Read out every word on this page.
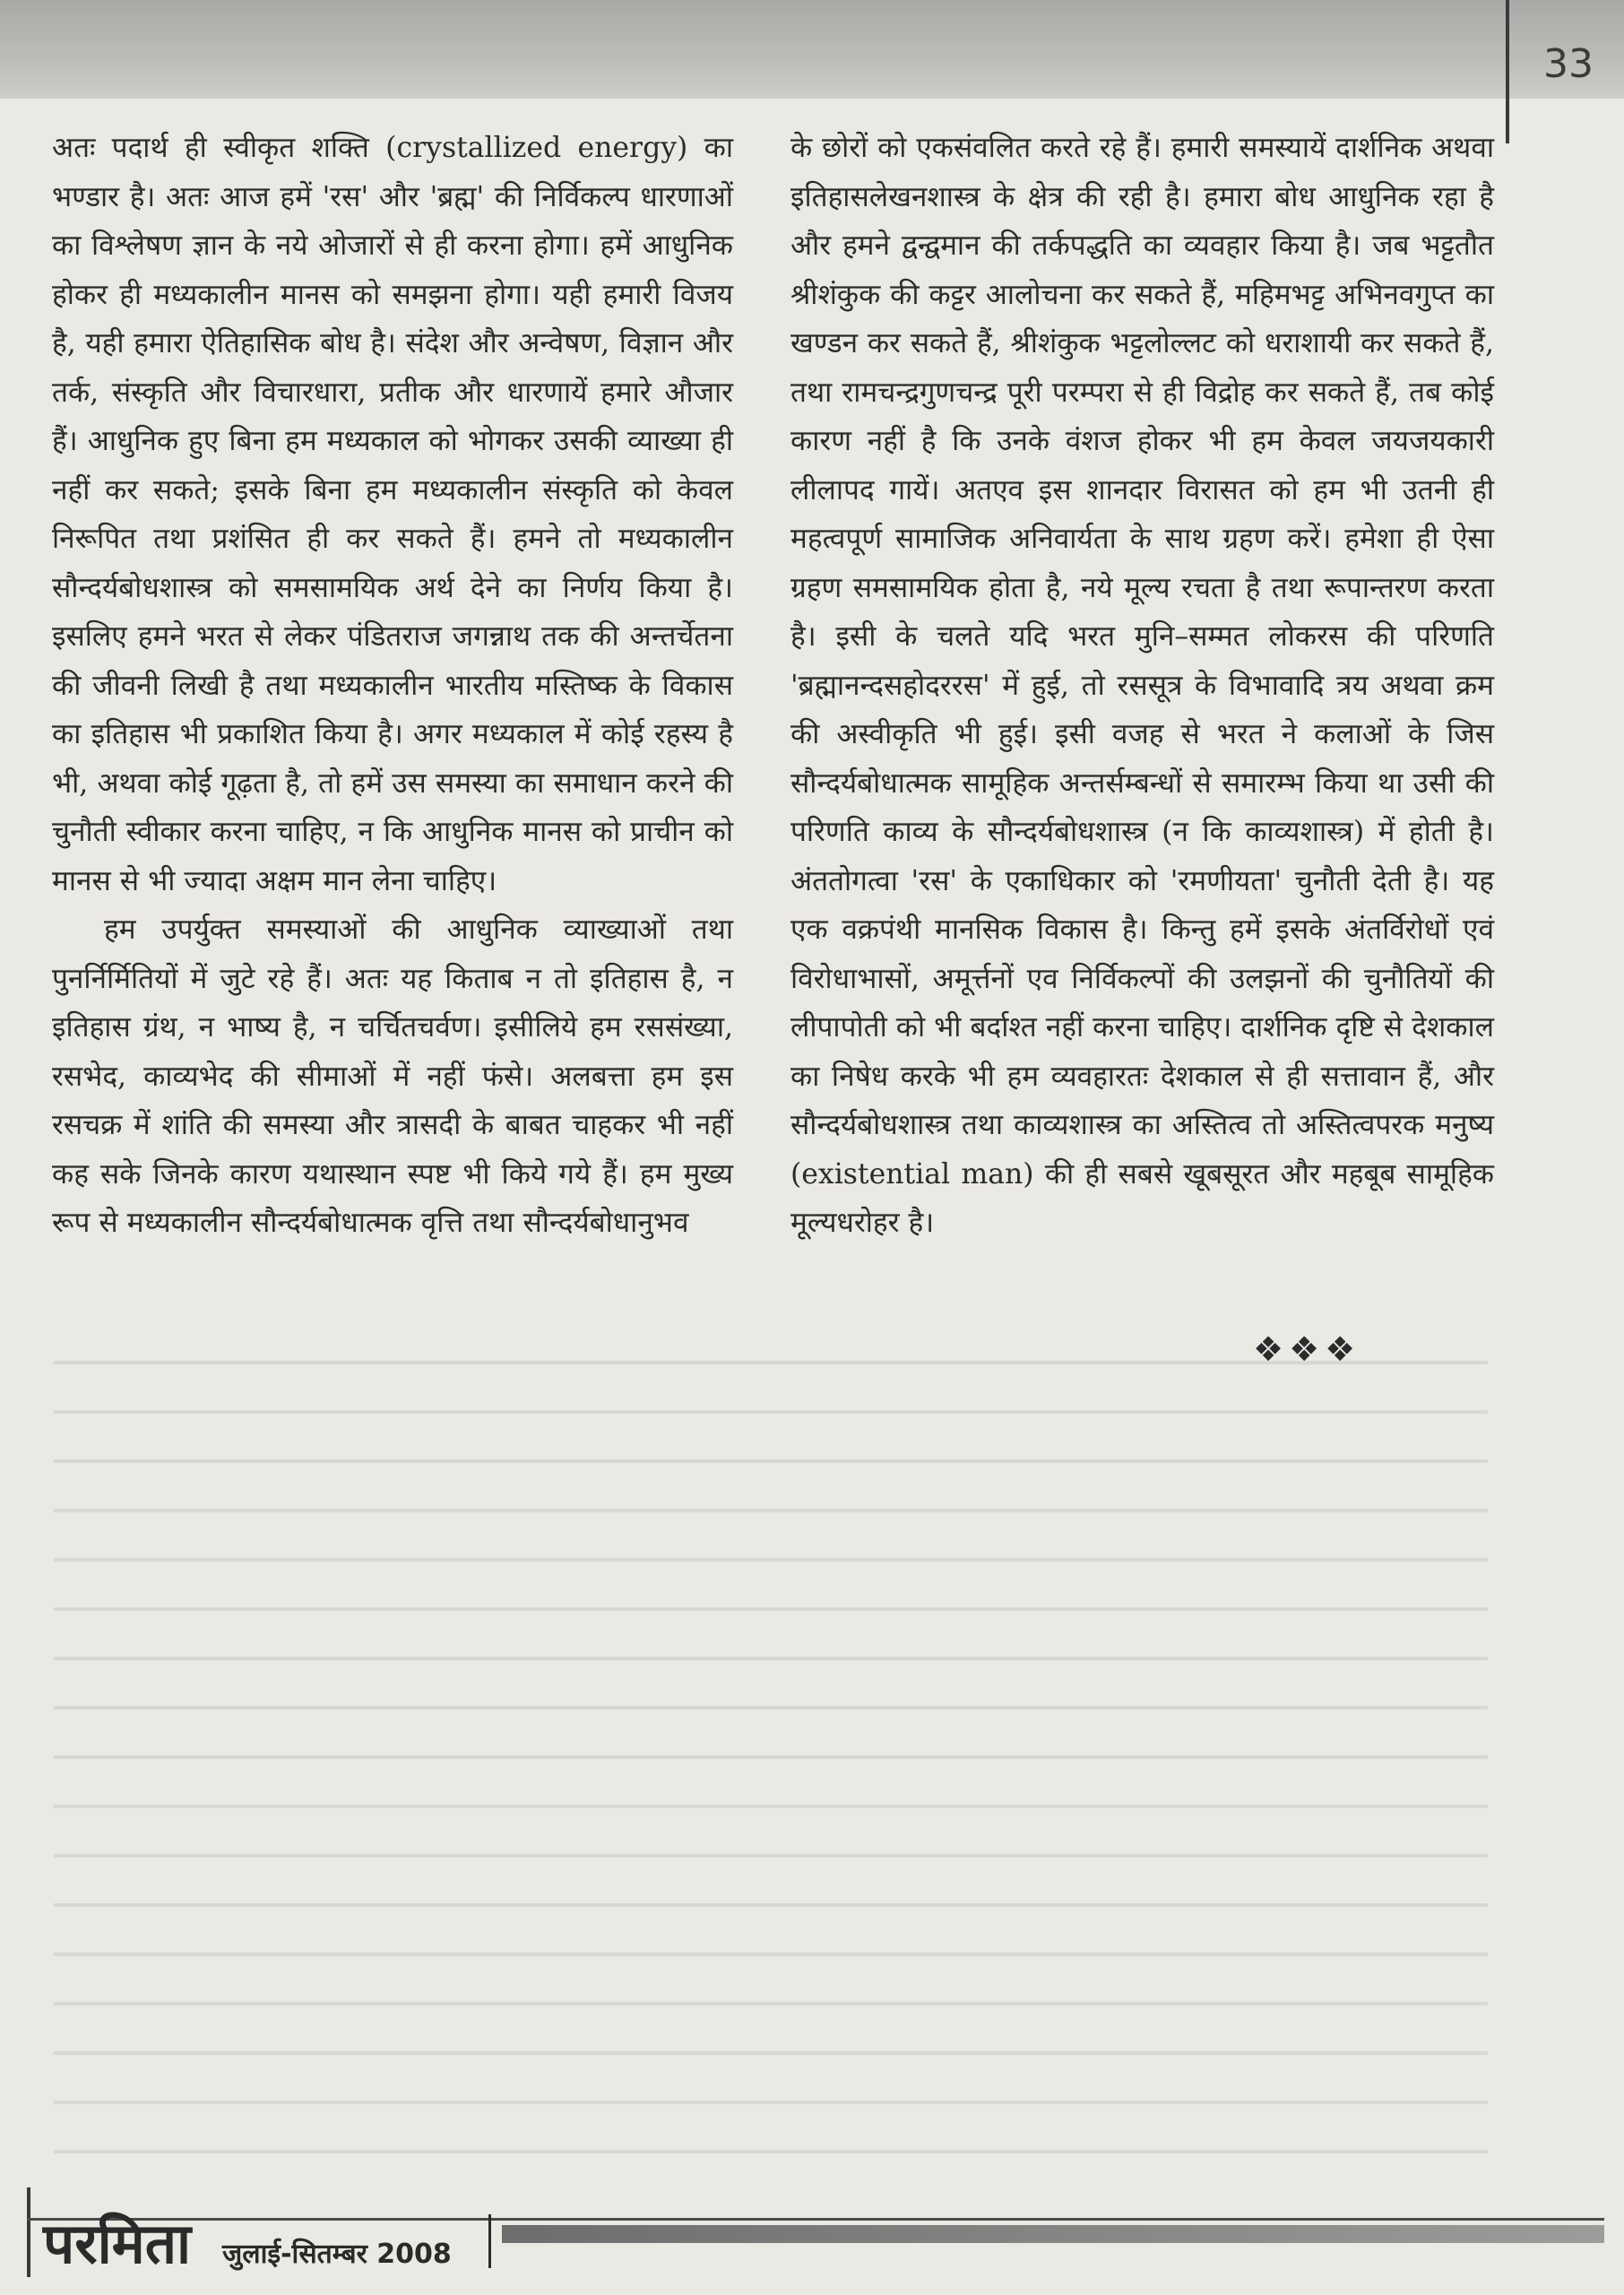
33

अतः पदार्थ ही स्वीकृत शक्ति (crystallized energy) का भण्डार है। अतः आज हमें 'रस' और 'ब्रह्म' की निर्विकल्प धारणाओं का विश्लेषण ज्ञान के नये ओजारों से ही करना होगा। हमें आधुनिक होकर ही मध्यकालीन मानस को समझना होगा। यही हमारी विजय है, यही हमारा ऐतिहासिक बोध है। संदेश और अन्वेषण, विज्ञान और तर्क, संस्कृति और विचारधारा, प्रतीक और धारणायें हमारे औजार हैं। आधुनिक हुए बिना हम मध्यकाल को भोगकर उसकी व्याख्या ही नहीं कर सकते; इसके बिना हम मध्यकालीन संस्कृति को केवल निरूपित तथा प्रशंसित ही कर सकते हैं। हमने तो मध्यकालीन सौन्दर्यबोधशास्त्र को समसामयिक अर्थ देने का निर्णय किया है। इसलिए हमने भरत से लेकर पंडितराज जगन्नाथ तक की अन्तर्चेतना की जीवनी लिखी है तथा मध्यकालीन भारतीय मस्तिष्क के विकास का इतिहास भी प्रकाशित किया है। अगर मध्यकाल में कोई रहस्य है भी, अथवा कोई गूढ़ता है, तो हमें उस समस्या का समाधान करने की चुनौती स्वीकार करना चाहिए, न कि आधुनिक मानस को प्राचीन को मानस से भी ज्यादा अक्षम मान लेना चाहिए।

हम उपर्युक्त समस्याओं की आधुनिक व्याख्याओं तथा पुनर्निर्मितियों में जुटे रहे हैं। अतः यह किताब न तो इतिहास है, न इतिहास ग्रंथ, न भाष्य है, न चर्चितचर्वण। इसीलिये हम रससंख्या, रसभेद, काव्यभेद की सीमाओं में नहीं फंसे। अलबत्ता हम इस रसचक्र में शांति की समस्या और त्रासदी के बाबत चाहकर भी नहीं कह सके जिनके कारण यथास्थान स्पष्ट भी किये गये हैं। हम मुख्य रूप से मध्यकालीन सौन्दर्यबोधात्मक वृत्ति तथा सौन्दर्यबोधानुभव

के छोरों को एकसंवलित करते रहे हैं। हमारी समस्यायें दार्शनिक अथवा इतिहासलेखनशास्त्र के क्षेत्र की रही है। हमारा बोध आधुनिक रहा है और हमने द्वन्द्वमान की तर्कपद्धति का व्यवहार किया है। जब भट्टतौत श्रीशंकुक की कट्टर आलोचना कर सकते हैं, महिमभट्ट अभिनवगुप्त का खण्डन कर सकते हैं, श्रीशंकुक भट्टलोल्लट को धराशायी कर सकते हैं, तथा रामचन्द्रगुणचन्द्र पूरी परम्परा से ही विद्रोह कर सकते हैं, तब कोई कारण नहीं है कि उनके वंशज होकर भी हम केवल जयजयकारी लीलापद गायें। अतएव इस शानदार विरासत को हम भी उतनी ही महत्वपूर्ण सामाजिक अनिवार्यता के साथ ग्रहण करें। हमेशा ही ऐसा ग्रहण समसामयिक होता है, नये मूल्य रचता है तथा रूपान्तरण करता है। इसी के चलते यदि भरत मुनि–सम्मत लोकरस की परिणति 'ब्रह्मानन्दसहोदररस' में हुई, तो रससूत्र के विभावादि त्रय अथवा क्रम की अस्वीकृति भी हुई। इसी वजह से भरत ने कलाओं के जिस सौन्दर्यबोधात्मक सामूहिक अन्तर्सम्बन्धों से समारम्भ किया था उसी की परिणति काव्य के सौन्दर्यबोधशास्त्र (न कि काव्यशास्त्र) में होती है। अंततोगत्वा 'रस' के एकाधिकार को 'रमणीयता' चुनौती देती है। यह एक वक्रपंथी मानसिक विकास है। किन्तु हमें इसके अंतर्विरोधों एवं विरोधाभासों, अमूर्त्तनों एव निर्विकल्पों की उलझनों की चुनौतियों की लीपापोती को भी बर्दाश्त नहीं करना चाहिए। दार्शनिक दृष्टि से देशकाल का निषेध करके भी हम व्यवहारतः देशकाल से ही सत्तावान हैं, और सौन्दर्यबोधशास्त्र तथा काव्यशास्त्र का अस्तित्व तो अस्तित्वपरक मनुष्य (existential man) की ही सबसे खूबसूरत और महबूब सामूहिक मूल्यधरोहर है।

❖❖❖
परमिता जुलाई-सितम्बर 2008
